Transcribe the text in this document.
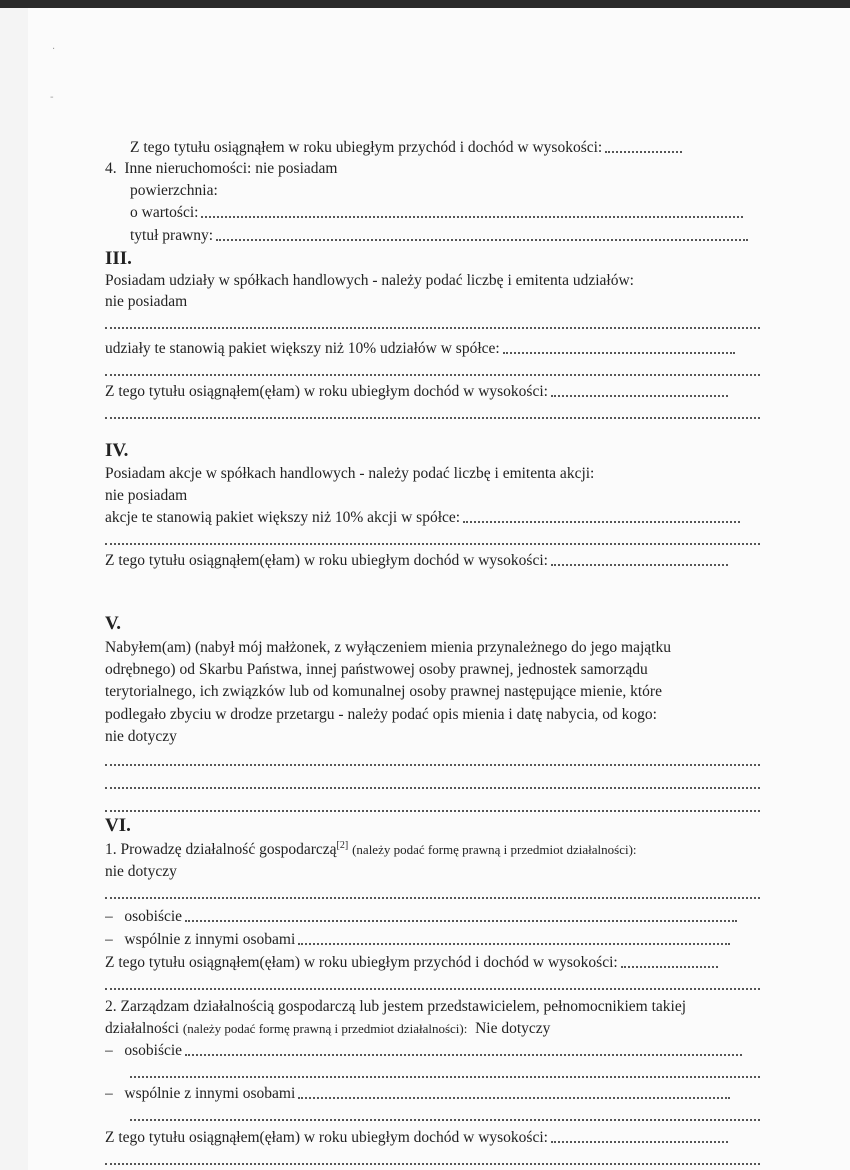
·
-
Z tego tytułu osiągnąłem w roku ubiegłym przychód i dochód w wysokości:
4. Inne nieruchomości: nie posiadam
powierzchnia:
o wartości:
tytuł prawny:
III.
Posiadam udziały w spółkach handlowych - należy podać liczbę i emitenta udziałów:
nie posiadam
udziały te stanowią pakiet większy niż 10% udziałów w spółce:
Z tego tytułu osiągnąłem(ęłam) w roku ubiegłym dochód w wysokości:
IV.
Posiadam akcje w spółkach handlowych - należy podać liczbę i emitenta akcji:
nie posiadam
akcje te stanowią pakiet większy niż 10% akcji w spółce:
Z tego tytułu osiągnąłem(ęłam) w roku ubiegłym dochód w wysokości:
V.
Nabyłem(am) (nabył mój małżonek, z wyłączeniem mienia przynależnego do jego majątku
odrębnego) od Skarbu Państwa, innej państwowej osoby prawnej, jednostek samorządu
terytorialnego, ich związków lub od komunalnej osoby prawnej następujące mienie, które
podlegało zbyciu w drodze przetargu - należy podać opis mienia i datę nabycia, od kogo:
nie dotyczy
VI.
1. Prowadzę działalność gospodarczą[2] (należy podać formę prawną i przedmiot działalności):
nie dotyczy
– osobiście
– wspólnie z innymi osobami
Z tego tytułu osiągnąłem(ęłam) w roku ubiegłym przychód i dochód w wysokości:
2. Zarządzam działalnością gospodarczą lub jestem przedstawicielem, pełnomocnikiem takiej
działalności (należy podać formę prawną i przedmiot działalności): Nie dotyczy
– osobiście
– wspólnie z innymi osobami
Z tego tytułu osiągnąłem(ęłam) w roku ubiegłym dochód w wysokości:
